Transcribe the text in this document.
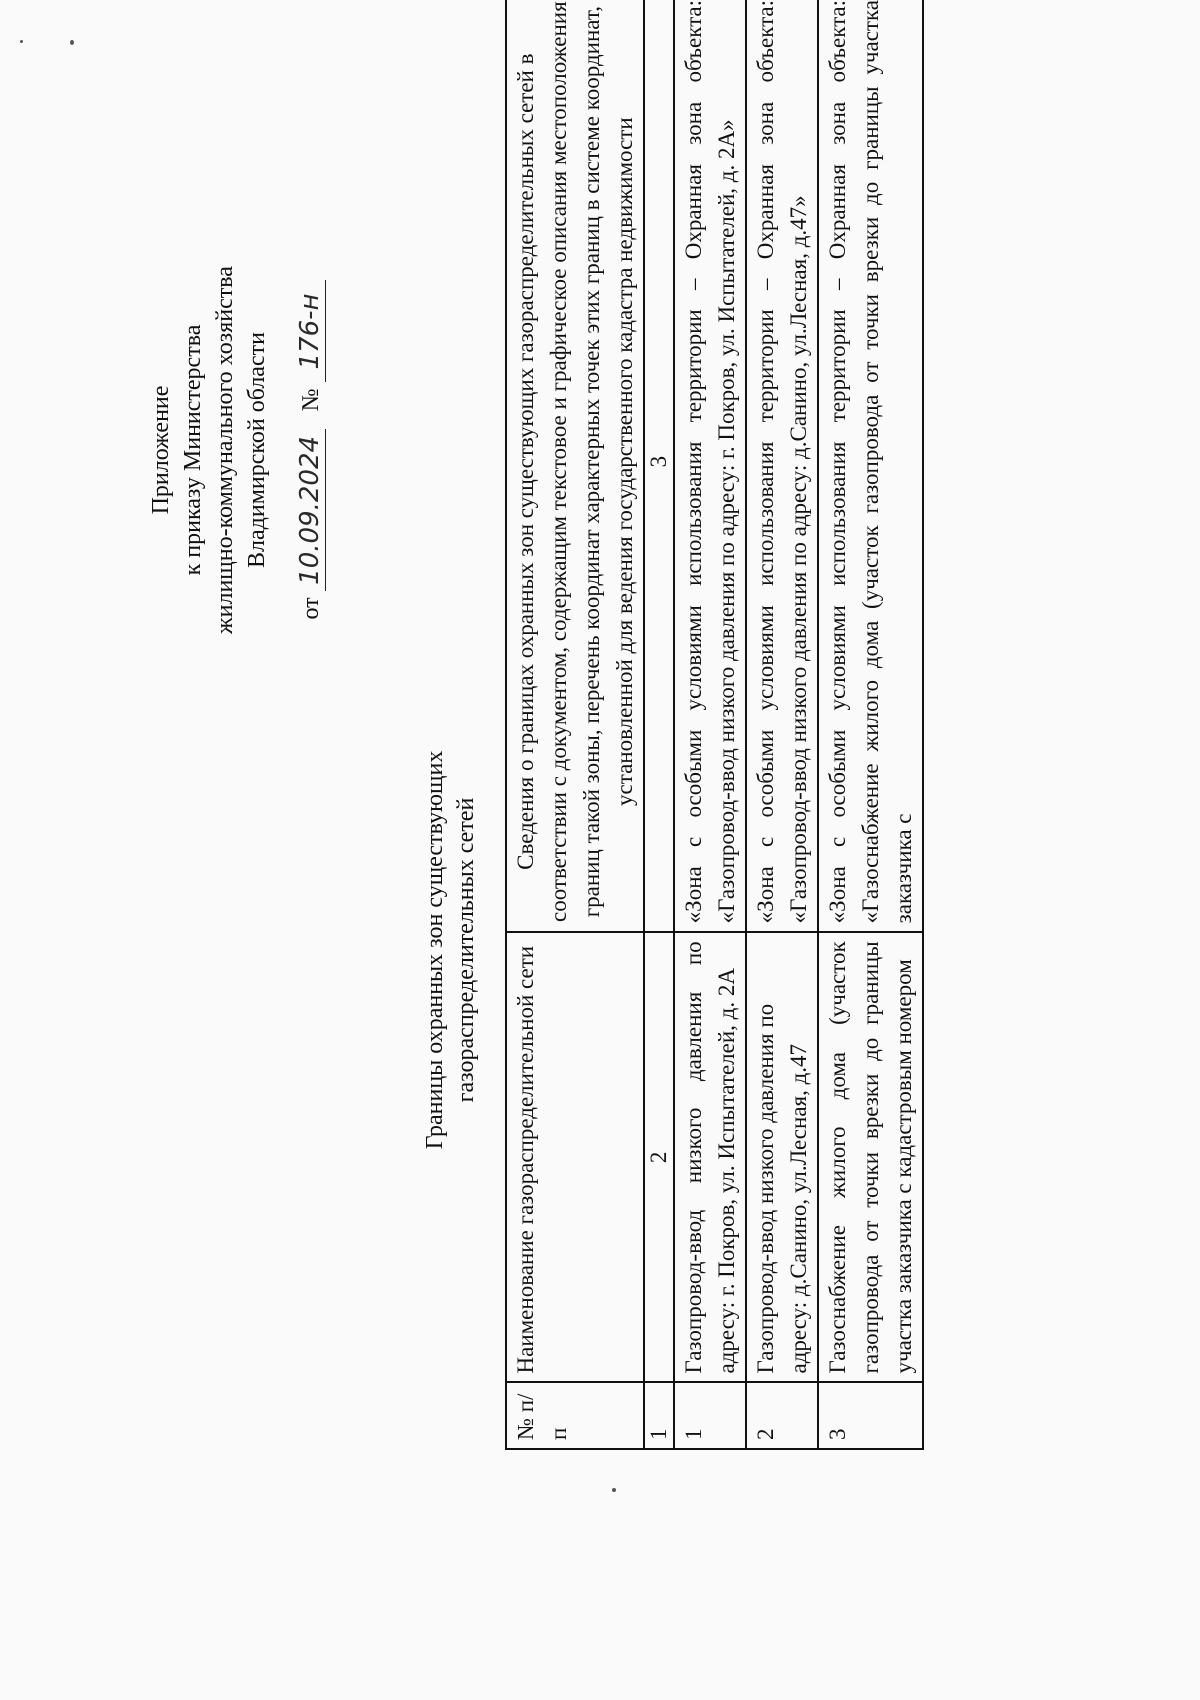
Приложение к приказу Министерства жилищно-коммунального хозяйства Владимирской области
от 10.09.2024   № 176-н
Границы охранных зон существующих газораспределительных сетей
№ п/п	Наименование газораспределительной сети	Сведения о границах охранных зон существующих газораспределительных сетей в соответствии с документом, содержащим текстовое и графическое описания местоположения границ такой зоны, перечень координат характерных точек этих границ в системе координат, установленной для ведения государственного кадастра недвижимости
1	2	3
1	Газопровод-ввод низкого давления по адресу: г. Покров, ул. Испытателей, д. 2А	«Зона с особыми условиями использования территории – Охранная зона объекта: «Газопровод-ввод низкого давления по адресу: г. Покров, ул. Испытателей, д. 2А»
2	Газопровод-ввод низкого давления по адресу: д.Санино, ул.Лесная, д.47	«Зона с особыми условиями использования территории – Охранная зона объекта: «Газопровод-ввод низкого давления по адресу: д.Санино, ул.Лесная, д.47»
3	Газоснабжение жилого дома (участок газопровода от точки врезки до границы участка заказчика с кадастровым номером	«Зона с особыми условиями использования территории – Охранная зона объекта: «Газоснабжение жилого дома (участок газопровода от точки врезки до границы участка заказчика с
